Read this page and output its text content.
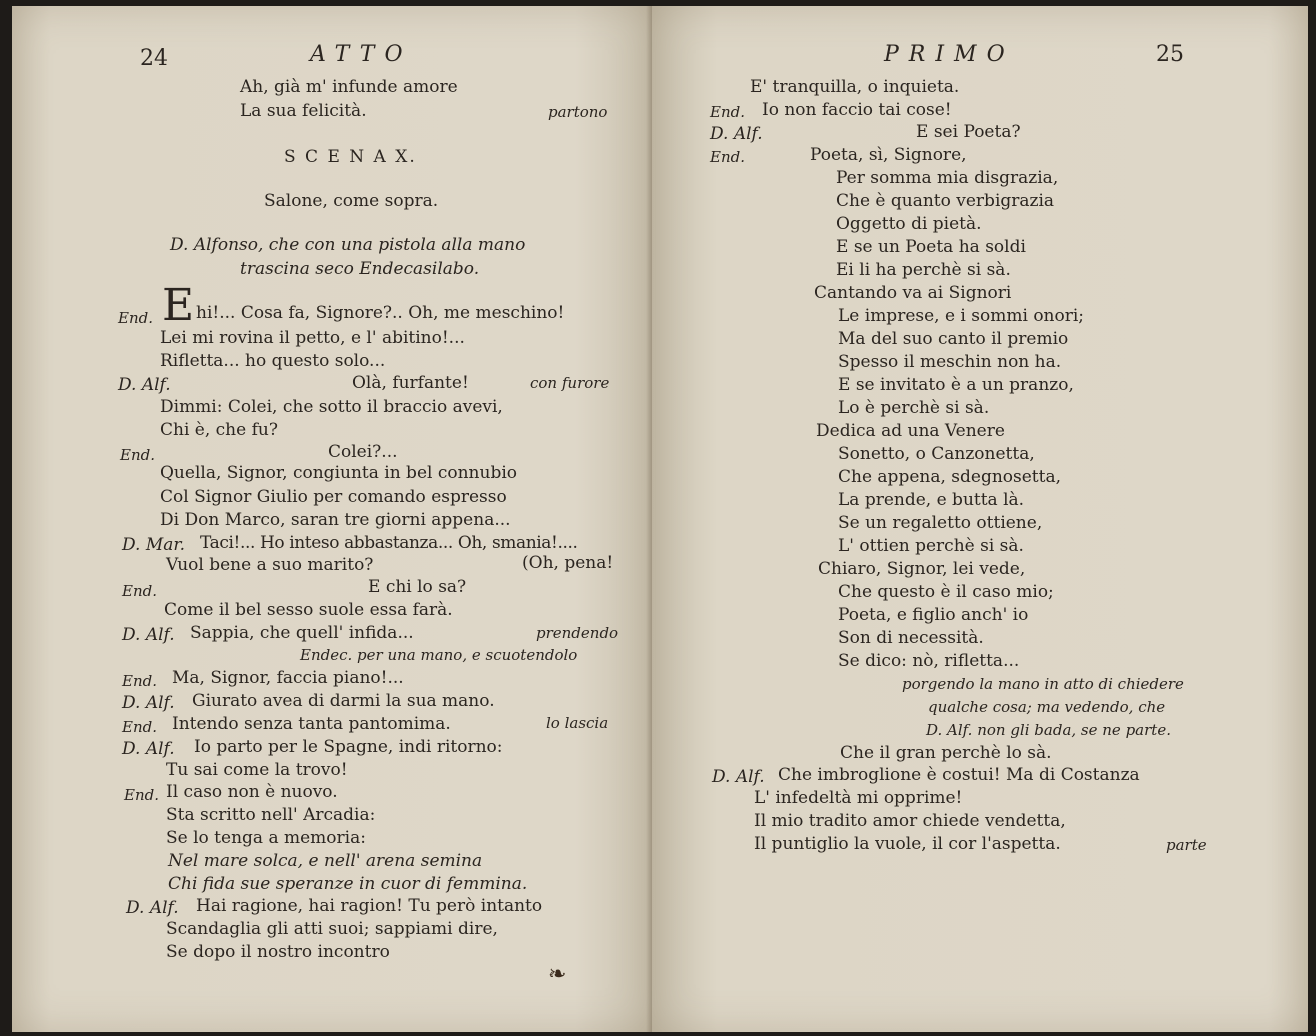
24	ATTO
Ah, già m' infunde amore
La sua felicità.	partono
S C E N A X.
Salone, come sopra.
D. Alfonso, che con una pistola alla mano
trascina seco Endecasilabo.
End. E hi!... Cosa fa, Signore?.. Oh, me meschino!
Lei mi rovina il petto, e l' abitino!...
Rifletta... ho questo solo...
D. Alf.	Olà, furfante!	con furore
Dimmi: Colei, che sotto il braccio avevi,
Chi è, che fu?
End.	Colei?...
Quella, Signor, congiunta in bel connubio
Col Signor Giulio per comando espresso
Di Don Marco, saran tre giorni appena...
D. Mar. Taci!... Ho inteso abbastanza... Oh, smania!....
Vuol bene a suo marito?	(Oh, pena!
End.	E chi lo sa?
Come il bel sesso suole essa farà.
D. Alf. Sappia, che quell' infida...	prendendo
Endec. per una mano, e scuotendolo
End. Ma, Signor, faccia piano!...
D. Alf. Giurato avea di darmi la sua mano.
End. Intendo senza tanta pantomima.	lo lascia
D. Alf. Io parto per le Spagne, indi ritorno:
Tu sai come la trovo!
End. Il caso non è nuovo.
Sta scritto nell' Arcadia:
Se lo tenga a memoria:
Nel mare solca, e nell' arena semina
Chi fida sue speranze in cuor di femmina.
D. Alf. Hai ragione, hai ragion! Tu però intanto
Scandaglia gli atti suoi; sappiami dire,
Se dopo il nostro incontro
❧
PRIMO	25
E' tranquilla, o inquieta.
End. Io non faccio tai cose!
D. Alf.	E sei Poeta?
End.	Poeta, sì, Signore,
Per somma mia disgrazia,
Che è quanto verbigrazia
Oggetto di pietà.
E se un Poeta ha soldi
Ei li ha perchè si sà.
Cantando va ai Signori
Le imprese, e i sommi onori;
Ma del suo canto il premio
Spesso il meschin non ha.
E se invitato è a un pranzo,
Lo è perchè si sà.
Dedica ad una Venere
Sonetto, o Canzonetta,
Che appena, sdegnosetta,
La prende, e butta là.
Se un regaletto ottiene,
L' ottien perchè si sà.
Chiaro, Signor, lei vede,
Che questo è il caso mio;
Poeta, e figlio anch' io
Son di necessità.
Se dico: nò, rifletta...
porgendo la mano in atto di chiedere
qualche cosa; ma vedendo, che
D. Alf. non gli bada, se ne parte.
Che il gran perchè lo sà.
D. Alf. Che imbroglione è costui! Ma di Costanza
L' infedeltà mi opprime!
Il mio tradito amor chiede vendetta,
Il puntiglio la vuole, il cor l'aspetta.	parte
